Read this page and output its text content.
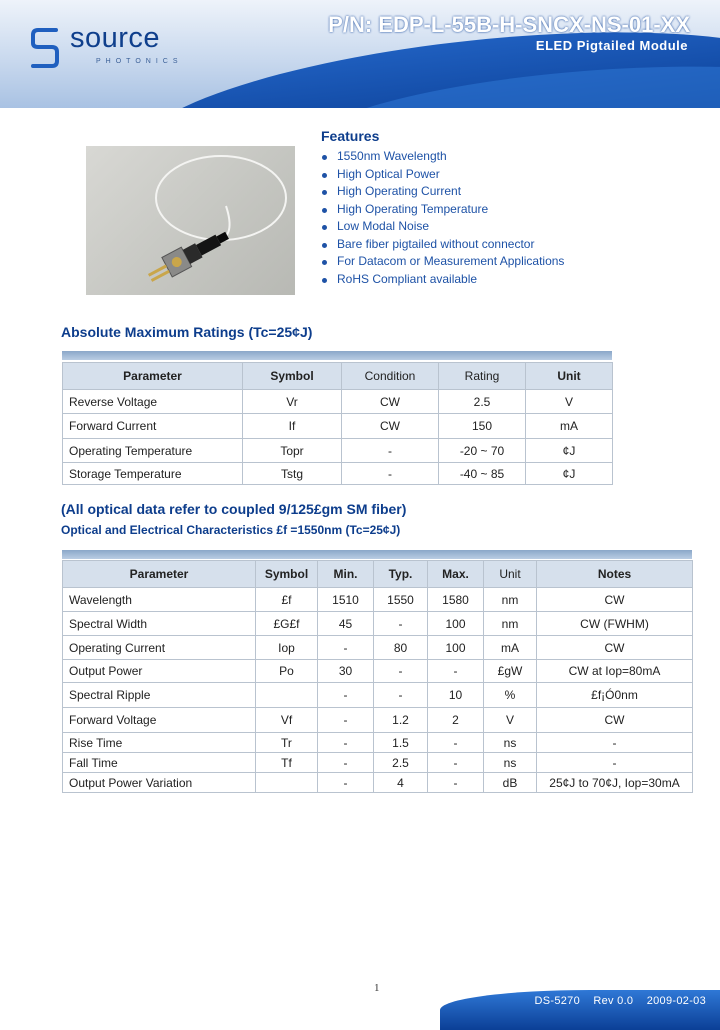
source
PHOTONICS
P/N: EDP-L-55B-H-SNCX-NS-01-XX
ELED Pigtailed Module
Features
1550nm Wavelength
High Optical Power
High Operating Current
High Operating Temperature
Low Modal Noise
Bare fiber pigtailed without connector
For Datacom or Measurement Applications
RoHS Compliant available
Absolute Maximum Ratings (Tc=25¢J)
Parameter	Symbol	Condition	Rating	Unit
Reverse Voltage	Vr	CW	2.5	V
Forward Current	If	CW	150	mA
Operating Temperature	Topr	-	-20 ~ 70	¢J
Storage Temperature	Tstg	-	-40 ~ 85	¢J
(All optical data refer to coupled 9/125£gm SM fiber)
Optical and Electrical Characteristics £f =1550nm (Tc=25¢J)
Parameter	Symbol	Min.	Typ.	Max.	Unit	Notes
Wavelength	£f	1510	1550	1580	nm	CW
Spectral Width	£G£f	45	-	100	nm	CW (FWHM)
Operating Current	Iop	-	80	100	mA	CW
Output Power	Po	30	-	-	£gW	CW at Iop=80mA
Spectral Ripple		-	-	10	%	£f¡Ó0nm
Forward Voltage	Vf	-	1.2	2	V	CW
Rise Time	Tr	-	1.5	-	ns	-
Fall Time	Tf	-	2.5	-	ns	-
Output Power Variation		-	4	-	dB	25¢J to 70¢J, Iop=30mA
1
DS-5270 Rev 0.0 2009-02-03
